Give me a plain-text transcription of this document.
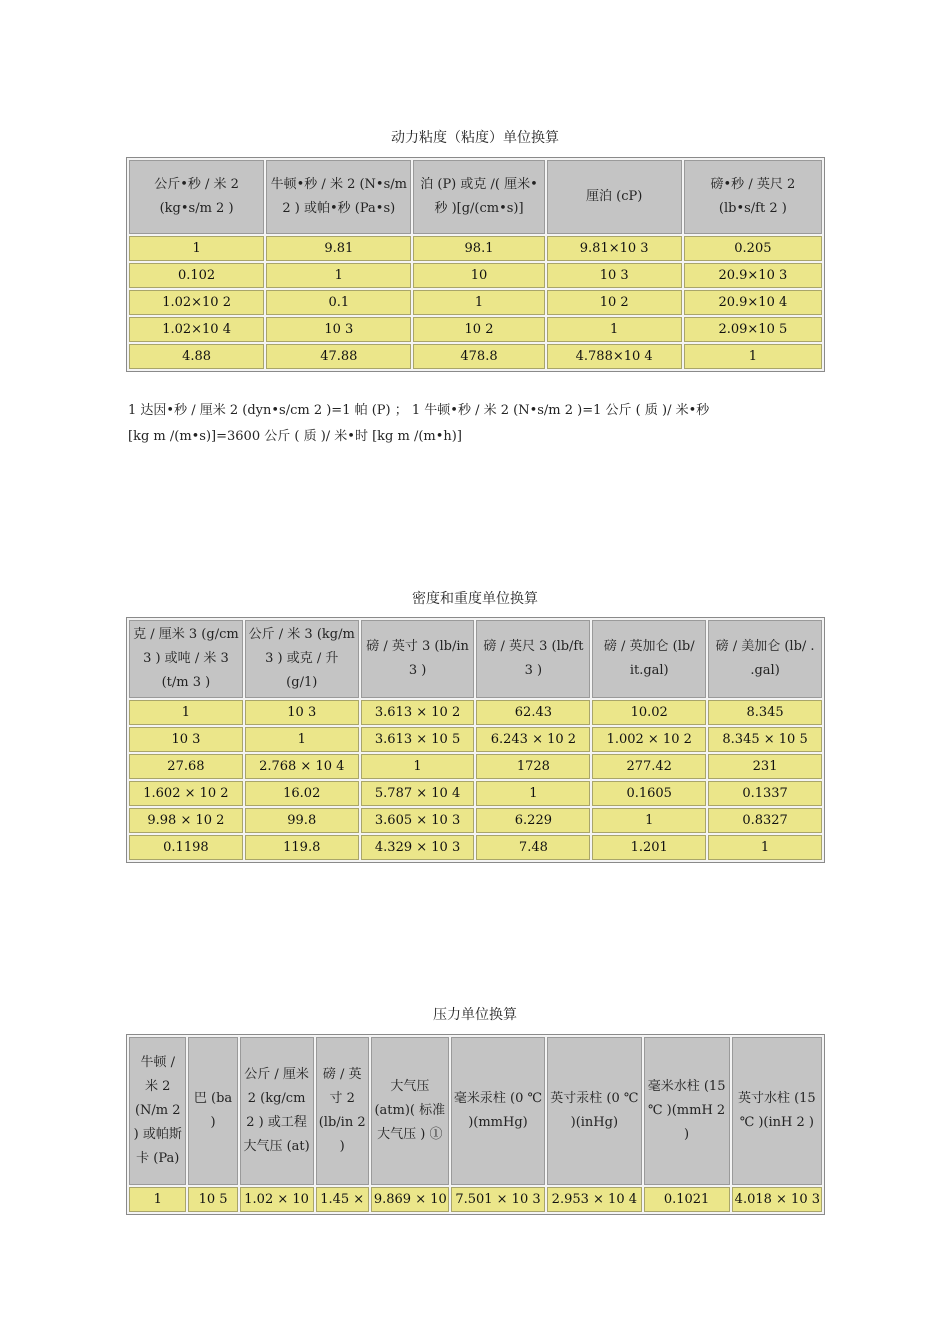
动力粘度（粘度）单位换算
公斤•秒 / 米 2 (kg•s/m 2 )	牛顿•秒 / 米 2 (N•s/m 2 ) 或帕•秒 (Pa•s)	泊 (P) 或克 /( 厘米•秒 )[g/(cm•s)]	厘泊 (cP)	磅•秒 / 英尺 2 (lb•s/ft 2 )
1	9.81	98.1	9.81×10 3	0.205
0.102	1	10	10 3	20.9×10 3
1.02×10 2	0.1	1	10 2	20.9×10 4
1.02×10 4	10 3	10 2	1	2.09×10 5
4.88	47.88	478.8	4.788×10 4	1
1 达因•秒 / 厘米 2 (dyn•s/cm 2 )=1 帕 (P) ； 1 牛顿•秒 / 米 2 (N•s/m 2 )=1 公斤 ( 质 )/ 米•秒
[kg m /(m•s)]=3600 公斤 ( 质 )/ 米•时 [kg m /(m•h)]
密度和重度单位换算
克 / 厘米 3 (g/cm 3 ) 或吨 / 米 3 (t/m 3 )	公斤 / 米 3 (kg/m 3 ) 或克 / 升 (g/1)	磅 / 英寸 3 (lb/in 3 )	磅 / 英尺 3 (lb/ft 3 )	磅 / 英加仑 (lb/ it.gal)	磅 / 美加仑 (lb/ . .gal)
1	10 3	3.613 × 10 2	62.43	10.02	8.345
10 3	1	3.613 × 10 5	6.243 × 10 2	1.002 × 10 2	8.345 × 10 5
27.68	2.768 × 10 4	1	1728	277.42	231
1.602 × 10 2	16.02	5.787 × 10 4	1	0.1605	0.1337
9.98 × 10 2	99.8	3.605 × 10 3	6.229	1	0.8327
0.1198	119.8	4.329 × 10 3	7.48	1.201	1
压力单位换算
牛顿 / 米 2 (N/m 2 ) 或帕斯卡 (Pa)	巴 (ba )	公斤 / 厘米 2 (kg/cm 2 ) 或工程大气压 (at)	磅 / 英寸 2 (lb/in 2 )	大气压 (atm)( 标准大气压 ) ①	毫米汞柱 (0 ℃ )(mmHg)	英寸汞柱 (0 ℃ )(inHg)	毫米水柱 (15 ℃ )(mmH 2 )	英寸水柱 (15 ℃ )(inH 2 )
1	10 5	1.02 × 10	1.45 ×	9.869 × 10	7.501 × 10 3	2.953 × 10 4	0.1021	4.018 × 10 3
